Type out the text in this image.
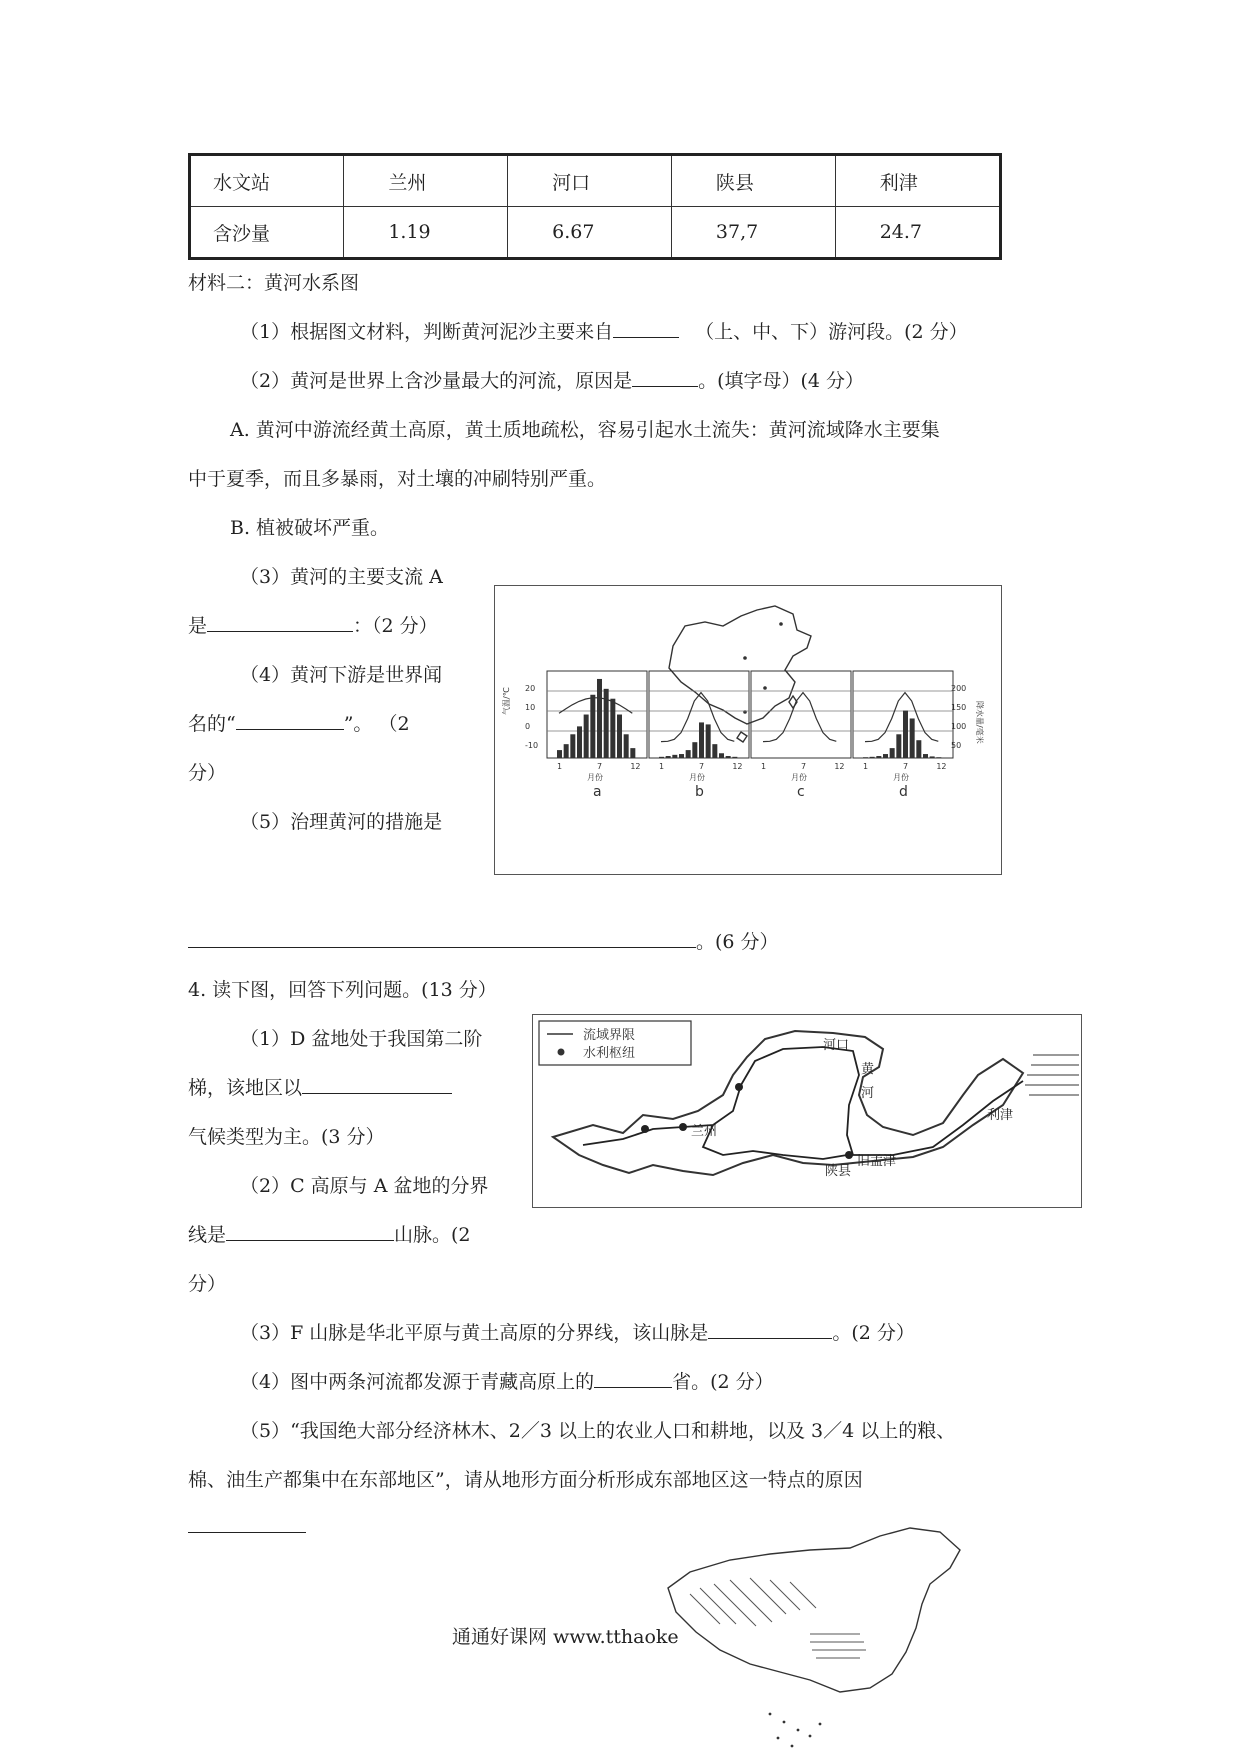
水文站	兰州	河口	陕县	利津
含沙量	1.19	6.67	37,7	24.7
材料二：黄河水系图
（1）根据图文材料，判断黄河泥沙主要来自	（上、中、下）游河段。(2 分）
（2）黄河是世界上含沙量最大的河流，原因是	。(填字母）(4 分）
A. 黄河中游流经黄土高原，黄土质地疏松，容易引起水土流失：黄河流域降水主要集
中于夏季，而且多暴雨，对土壤的冲刷特别严重。
B. 植被破坏严重。
（3）黄河的主要支流 A
是	：（2 分）
（4）黄河下游是世界闻
名的“	”。 （2
分）
（5）治理黄河的措施是
。(6 分）
20
10
0
-10
气温/℃	200
150
100
50
降水量/毫米
1	7	12
月份
a
1	7	12
月份
b
1	7	12
月份
c
1	7	12
月份
d
4. 读下图，回答下列问题。(13 分）
（1）D 盆地处于我国第二阶
梯，该地区以
气候类型为主。(3 分）
（2）C 高原与 A 盆地的分界
线是	山脉。(2
分）
（3）F 山脉是华北平原与黄土高原的分界线，该山脉是	。(2 分）
（4）图中两条河流都发源于青藏高原上的	省。(2 分）
（5）“我国绝大部分经济林木、2／3 以上的农业人口和耕地，以及 3／4 以上的粮、
棉、油生产都集中在东部地区”，请从地形方面分析形成东部地区这一特点的原因
流域界限
水利枢纽
河口
黄
河
兰州
陕县
利津
旧孟津
通通好课网 www.tthaoke
